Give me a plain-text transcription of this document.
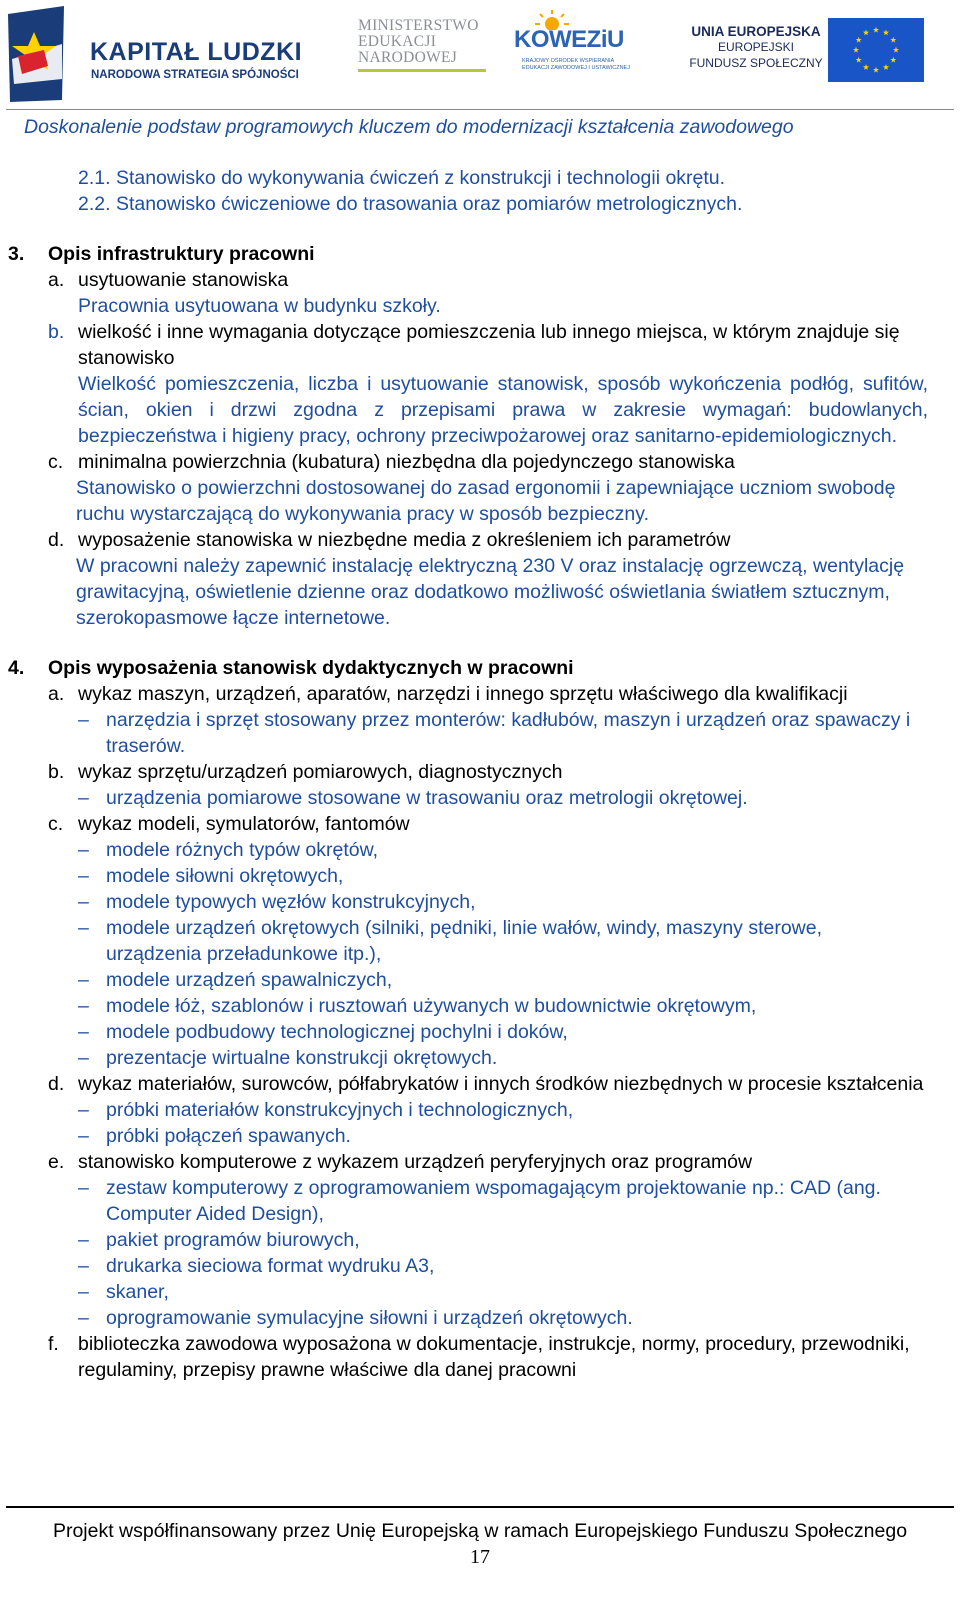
KAPITAŁ LUDZKI
NARODOWA STRATEGIA SPÓJNOŚCI
MINISTERSTWO
EDUKACJI
NARODOWEJ
KOWEZiU
KRAJOWY OŚRODEK WSPIERANIA
EDUKACJI ZAWODOWEJ I USTAWICZNEJ
UNIA EUROPEJSKA
EUROPEJSKI
FUNDUSZ SPOŁECZNY
Doskonalenie podstaw programowych kluczem do modernizacji kształcenia zawodowego
2.1. Stanowisko do wykonywania ćwiczeń z konstrukcji i technologii okrętu.
2.2. Stanowisko ćwiczeniowe do trasowania oraz pomiarów metrologicznych.
3. Opis infrastruktury pracowni
a. usytuowanie stanowiska
Pracownia usytuowana w budynku szkoły.
b. wielkość i inne wymagania dotyczące pomieszczenia lub innego miejsca, w którym znajduje się stanowisko
Wielkość pomieszczenia, liczba i usytuowanie stanowisk, sposób wykończenia podłóg, sufitów, ścian, okien i drzwi zgodna z przepisami prawa w zakresie wymagań: budowlanych, bezpieczeństwa i higieny pracy, ochrony przeciwpożarowej oraz sanitarno-epidemiologicznych.
c. minimalna powierzchnia (kubatura) niezbędna dla pojedynczego stanowiska
Stanowisko o powierzchni dostosowanej do zasad ergonomii i zapewniające uczniom swobodę ruchu wystarczającą do wykonywania pracy w sposób bezpieczny.
d. wyposażenie stanowiska w niezbędne media z określeniem ich parametrów
W pracowni należy zapewnić instalację elektryczną 230 V oraz instalację ogrzewczą, wentylację grawitacyjną, oświetlenie dzienne oraz dodatkowo możliwość oświetlania światłem sztucznym, szerokopasmowe łącze internetowe.
4. Opis wyposażenia stanowisk dydaktycznych w pracowni
a. wykaz maszyn, urządzeń, aparatów, narzędzi i innego sprzętu właściwego dla kwalifikacji
– narzędzia i sprzęt stosowany przez monterów: kadłubów, maszyn i urządzeń oraz spawaczy i traserów.
b. wykaz sprzętu/urządzeń pomiarowych, diagnostycznych
– urządzenia pomiarowe stosowane w trasowaniu oraz metrologii okrętowej.
c. wykaz modeli, symulatorów, fantomów
– modele różnych typów okrętów,
– modele siłowni okrętowych,
– modele typowych węzłów konstrukcyjnych,
– modele urządzeń okrętowych (silniki, pędniki, linie wałów, windy, maszyny sterowe, urządzenia przeładunkowe itp.),
– modele urządzeń spawalniczych,
– modele łóż, szablonów i rusztowań używanych w budownictwie okrętowym,
– modele podbudowy technologicznej pochylni i doków,
– prezentacje wirtualne konstrukcji okrętowych.
d. wykaz materiałów, surowców, półfabrykatów i innych środków niezbędnych w procesie kształcenia
– próbki materiałów konstrukcyjnych i technologicznych,
– próbki połączeń spawanych.
e. stanowisko komputerowe z wykazem urządzeń peryferyjnych oraz programów
– zestaw komputerowy z oprogramowaniem wspomagającym projektowanie np.: CAD (ang. Computer Aided Design),
– pakiet programów biurowych,
– drukarka sieciowa format wydruku A3,
– skaner,
– oprogramowanie symulacyjne siłowni i urządzeń okrętowych.
f. biblioteczka zawodowa wyposażona w dokumentacje, instrukcje, normy, procedury, przewodniki, regulaminy, przepisy prawne właściwe dla danej pracowni
Projekt współfinansowany przez Unię Europejską w ramach Europejskiego Funduszu Społecznego
17
